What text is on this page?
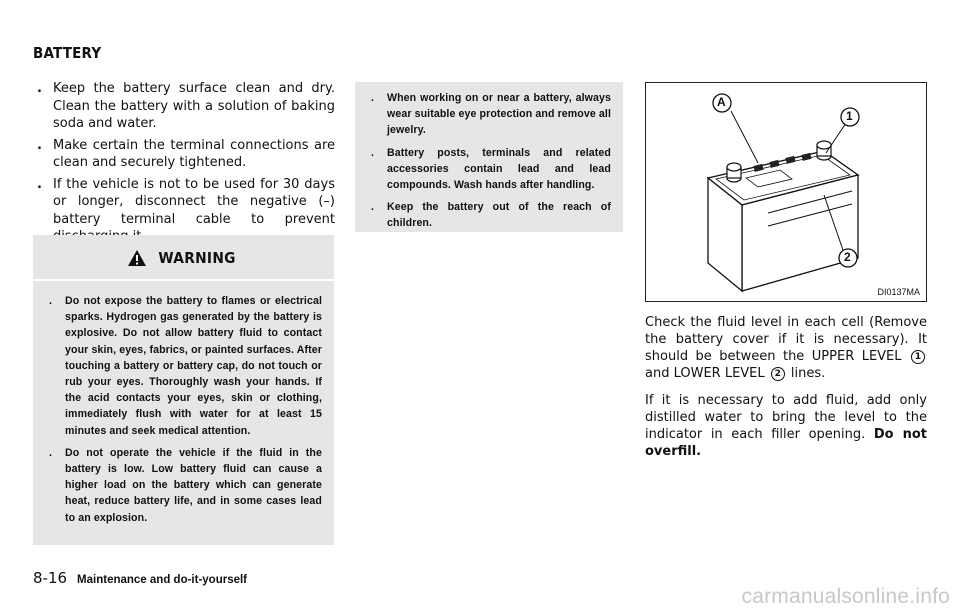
BATTERY
. Keep the battery surface clean and dry. Clean the battery with a solution of baking soda and water.
. Make certain the terminal connections are clean and securely tightened.
. If the vehicle is not to be used for 30 days or longer, disconnect the negative (–) battery terminal cable to prevent
WARNING
. Do not expose the battery to flames or electrical sparks. Hydrogen gas generated by the battery is explosive. Do not allow battery fluid to contact your skin, eyes, fabrics, or painted surfaces. After touching a battery or battery cap, do not touch or rub your eyes. Thoroughly wash your hands. If the acid contacts your eyes, skin or clothing, immediately flush with water for at least 15 minutes and seek medical attention.
. Do not operate the vehicle if the fluid in the battery is low. Low battery fluid can cause a higher load on the battery which can generate heat, reduce battery life, and in some cases lead to an explosion.
. When working on or near a battery, always wear suitable eye protection and remove all jewelry.
. Battery posts, terminals and related accessories contain lead and lead compounds. Wash hands after handling.
. Keep the battery out of the reach of children.
A
1
2
DI0137MA

Check the fluid level in each cell (Remove the battery cover if it is necessary). It should be between the UPPER LEVEL 1 and LOWER LEVEL 2 lines.

If it is necessary to add fluid, add only distilled water to bring the level to the indicator in each filler opening. Do not overfill.

8-16 Maintenance and do-it-yourself
carmanualsonline.info
